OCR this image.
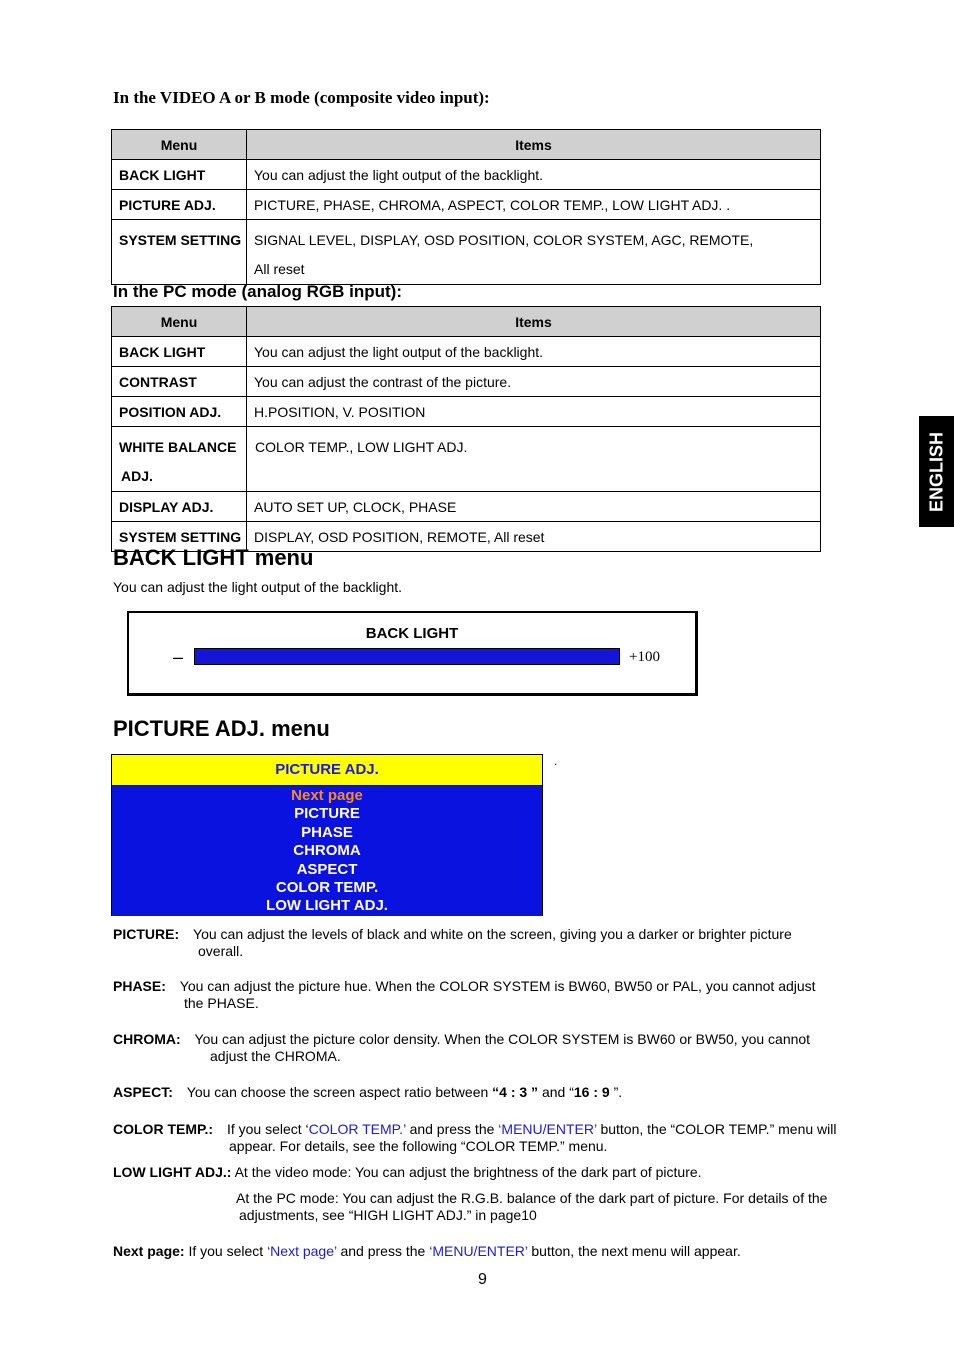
In the VIDEO A or B mode (composite video input):
Menu	Items
BACK LIGHT	You can adjust the light output of the backlight.
PICTURE ADJ.	PICTURE, PHASE, CHROMA, ASPECT, COLOR TEMP., LOW LIGHT ADJ. .
SYSTEM SETTING	SIGNAL LEVEL, DISPLAY, OSD POSITION, COLOR SYSTEM, AGC, REMOTE,
All reset
In the PC mode (analog RGB input):
Menu	Items
BACK LIGHT	You can adjust the light output of the backlight.
CONTRAST	You can adjust the contrast of the picture.
POSITION ADJ.	H.POSITION, V. POSITION

WHITE BALANCE
ADJ.	COLOR TEMP., LOW LIGHT ADJ.
DISPLAY ADJ.	AUTO SET UP, CLOCK, PHASE
SYSTEM SETTING	DISPLAY, OSD POSITION, REMOTE, All reset
ENGLISH
BACK LIGHT menu
You can adjust the light output of the backlight.
BACK LIGHT
–	+100
PICTURE ADJ. menu
.
PICTURE ADJ.
Next page
PICTURE
PHASE
CHROMA
ASPECT
COLOR TEMP.
LOW LIGHT ADJ.
PICTURE: You can adjust the levels of black and white on the screen, giving you a darker or brighter picture
overall.
PHASE: You can adjust the picture hue. When the COLOR SYSTEM is BW60, BW50 or PAL, you cannot adjust
the PHASE.
CHROMA: You can adjust the picture color density. When the COLOR SYSTEM is BW60 or BW50, you cannot
adjust the CHROMA.
ASPECT: You can choose the screen aspect ratio between “4 : 3 ” and “16 : 9 ”.
COLOR TEMP.: If you select ‘COLOR TEMP.’ and press the ‘MENU/ENTER’ button, the “COLOR TEMP.” menu will
appear. For details, see the following “COLOR TEMP.” menu.
LOW LIGHT ADJ.: At the video mode: You can adjust the brightness of the dark part of picture.
At the PC mode: You can adjust the R.G.B. balance of the dark part of picture. For details of the
adjustments, see “HIGH LIGHT ADJ.” in page10
Next page: If you select ‘Next page’ and press the ‘MENU/ENTER’ button, the next menu will appear.
9
